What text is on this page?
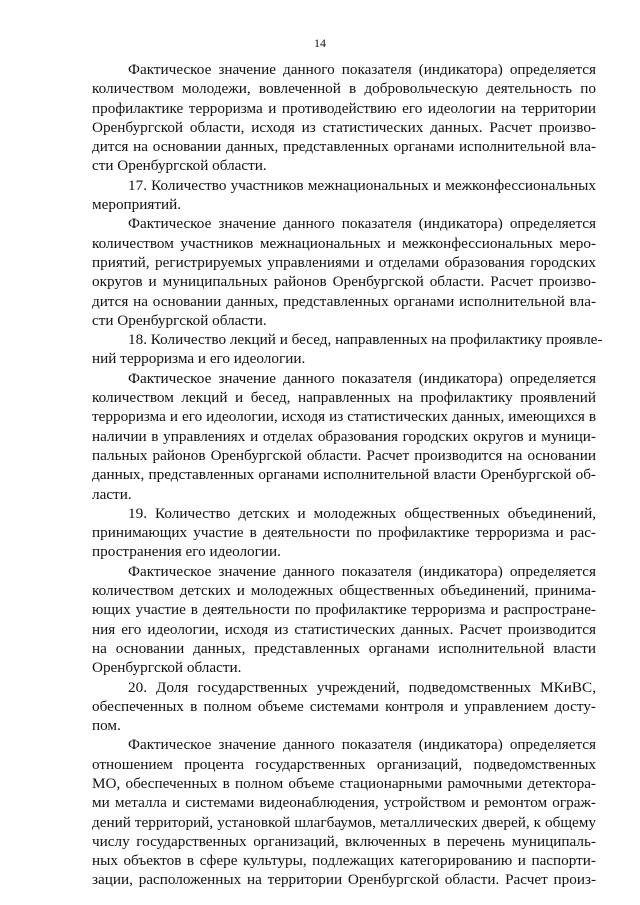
14

Фактическое значение данного показателя (индикатора) определяется
количеством молодежи, вовлеченной в добровольческую деятельность по
профилактике терроризма и противодействию его идеологии на территории
Оренбургской области, исходя из статистических данных. Расчет произво-
дится на основании данных, представленных органами исполнительной вла-
сти Оренбургской области.

17. Количество участников межнациональных и межконфессиональных
мероприятий.

Фактическое значение данного показателя (индикатора) определяется
количеством участников межнациональных и межконфессиональных меро-
приятий, регистрируемых управлениями и отделами образования городских
округов и муниципальных районов Оренбургской области. Расчет произво-
дится на основании данных, представленных органами исполнительной вла-
сти Оренбургской области.

18. Количество лекций и бесед, направленных на профилактику проявле-
ний терроризма и его идеологии.

Фактическое значение данного показателя (индикатора) определяется
количеством лекций и бесед, направленных на профилактику проявлений
терроризма и его идеологии, исходя из статистических данных, имеющихся в
наличии в управлениях и отделах образования городских округов и муници-
пальных районов Оренбургской области. Расчет производится на основании
данных, представленных органами исполнительной власти Оренбургской об-
ласти.

19. Количество детских и молодежных общественных объединений,
принимающих участие в деятельности по профилактике терроризма и рас-
пространения его идеологии.

Фактическое значение данного показателя (индикатора) определяется
количеством детских и молодежных общественных объединений, принима-
ющих участие в деятельности по профилактике терроризма и распростране-
ния его идеологии, исходя из статистических данных. Расчет производится
на основании данных, представленных органами исполнительной власти
Оренбургской области.

20. Доля государственных учреждений, подведомственных МКиВС,
обеспеченных в полном объеме системами контроля и управлением досту-
пом.

Фактическое значение данного показателя (индикатора) определяется
отношением процента государственных организаций, подведомственных
МО, обеспеченных в полном объеме стационарными рамочными детектора-
ми металла и системами видеонаблюдения, устройством и ремонтом ограж-
дений территорий, установкой шлагбаумов, металлических дверей, к общему
числу государственных организаций, включенных в перечень муниципаль-
ных объектов в сфере культуры, подлежащих категорированию и паспорти-
зации, расположенных на территории Оренбургской области. Расчет произ-
